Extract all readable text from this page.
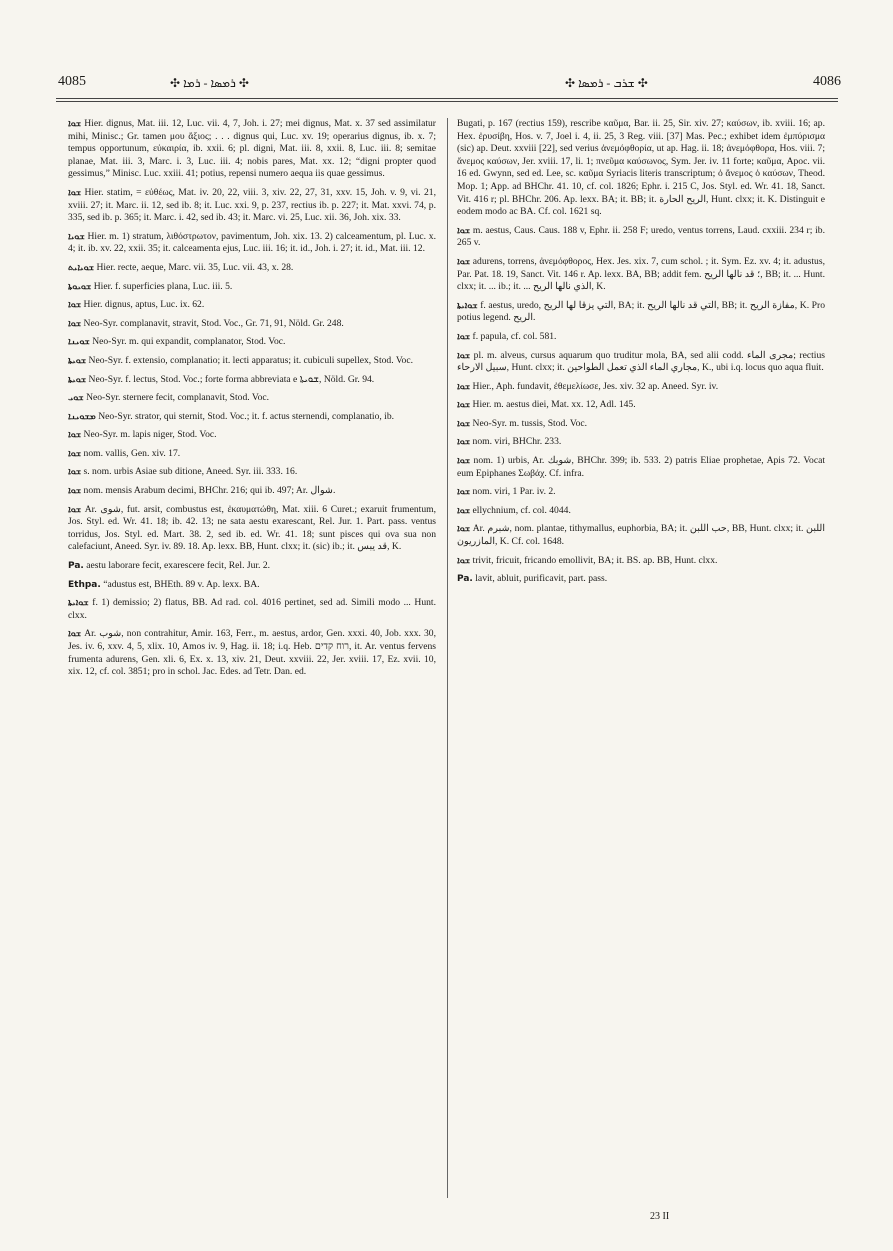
4085	✣ ܪܡܣܐ - ܪܡܐ ✣	✣ ܫܪܒ - ܪܡܣܐ ✣	4086

ܫܘܐ Hier. dignus, Mat. iii. 12, Luc. vii. 4, 7, Joh. i. 27; mei dignus, Mat. x. 37 sed assimilatur mihi, Minisc.; Gr. tamen μου ἄξιος; . . . dignus qui, Luc. xv. 19; operarius dignus, ib. x. 7; tempus opportunum, εὐκαιρία, ib. xxii. 6; pl. digni, Mat. iii. 8, xxii. 8, Luc. iii. 8; semitae planae, Mat. iii. 3, Marc. i. 3, Luc. iii. 4; nobis pares, Mat. xx. 12; “digni propter quod gessimus,” Minisc. Luc. xxiii. 41; potius, repensi numero aequa iis quae gessimus.

ܫܘܐ Hier. statim, = εὐθέως, Mat. iv. 20, 22, viii. 3, xiv. 22, 27, 31, xxv. 15, Joh. v. 9, vi. 21, xviii. 27; it. Marc. ii. 12, sed ib. 8; it. Luc. xxi. 9, p. 237, rectius ib. p. 227; it. Mat. xxvi. 74, p. 335, sed ib. p. 365; it. Marc. i. 42, sed ib. 43; it. Marc. vi. 25, Luc. xii. 36, Joh. xix. 33.

ܫܘܝܐ Hier. m. 1) stratum, λιθόστρωτον, pavimentum, Joh. xix. 13. 2) calceamentum, pl. Luc. x. 4; it. ib. xv. 22, xxii. 35; it. calceamenta ejus, Luc. iii. 16; it. id., Joh. i. 27; it. id., Mat. iii. 12.

ܫܘܝܐܝܬ Hier. recte, aeque, Marc. vii. 35, Luc. vii. 43, x. 28.

ܫܘܝܘܬܐ Hier. f. superficies plana, Luc. iii. 5.

ܫܘܐ Hier. dignus, aptus, Luc. ix. 62.

ܫܘܐ Neo-Syr. complanavit, stravit, Stod. Voc., Gr. 71, 91, Nöld. Gr. 248.

ܫܘܝܢܐ Neo-Syr. m. qui expandit, complanator, Stod. Voc.

ܫܘܝܬܐ Neo-Syr. f. extensio, complanatio; it. lecti apparatus; it. cubiculi supellex, Stod. Voc.

ܫܘܝܬܐ Neo-Syr. f. lectus, Stod. Voc.; forte forma abbreviata e ܫܘܝܬܐ, Nöld. Gr. 94.

ܫܘܝ Neo-Syr. sternere fecit, complanavit, Stod. Voc.

ܡܫܘܝܢܐ Neo-Syr. strator, qui sternit, Stod. Voc.; it. f. actus sternendi, complanatio, ib.

ܫܘܐ Neo-Syr. m. lapis niger, Stod. Voc.

ܫܘܐ nom. vallis, Gen. xiv. 17.

ܫܘܐ s. nom. urbis Asiae sub ditione, Aneed. Syr. iii. 333. 16.

ܫܘܐ nom. mensis Arabum decimi, BHChr. 216; qui ib. 497; Ar. شوال.

ܫܘܐ Ar. شوى, fut. arsit, combustus est, ἐκαυματώθη, Mat. xiii. 6 Curet.; exaruit frumentum, Jos. Styl. ed. Wr. 41. 18; ib. 42. 13; ne sata aestu exarescant, Rel. Jur. 1. Part. pass. ventus torridus, Jos. Styl. ed. Mart. 38. 2, sed ib. ed. Wr. 41. 18; sunt pisces qui ova sua non calefaciunt, Aneed. Syr. iv. 89. 18. Ap. lexx. BB, Hunt. clxx; it. (sic) ib.; it. قد يبس, K.

Pa. aestu laborare fecit, exarescere fecit, Rel. Jur. 2.

Ethpa. “adustus est, BHEth. 89 v. Ap. lexx. BA.

ܫܘܐܝܬܐ f. 1) demissio; 2) flatus, BB. Ad rad. col. 4016 pertinet, sed ad. Simili modo ... Hunt. clxx.

ܫܘܐ Ar. شوب, non contrahitur, Amir. 163, Ferr., m. aestus, ardor, Gen. xxxi. 40, Job. xxx. 30, Jes. iv. 6, xxv. 4, 5, xlix. 10, Amos iv. 9, Hag. ii. 18; i.q. Heb. רוח קדים, it. Ar. ventus fervens frumenta adurens, Gen. xli. 6, Ex. x. 13, xiv. 21, Deut. xxviii. 22, Jer. xviii. 17, Ez. xvii. 10, xix. 12, cf. col. 3851; pro in schol. Jac. Edes. ad Tetr. Dan. ed.

Bugati, p. 167 (rectius 159), rescribe καῦμα, Bar. ii. 25, Sir. xiv. 27; καύσων, ib. xviii. 16; ap. Hex. ἐρυσίβη, Hos. v. 7, Joel i. 4, ii. 25, 3 Reg. viii. [37] Mas. Pec.; exhibet idem ἐμπύρισμα (sic) ap. Deut. xxviii [22], sed verius ἀνεμόφθορία, ut ap. Hag. ii. 18; ἀνεμόφθορα, Hos. viii. 7; ἄνεμος καύσων, Jer. xviii. 17, li. 1; πνεῦμα καύσωνος, Sym. Jer. iv. 11 forte; καῦμα, Apoc. vii. 16 ed. Gwynn, sed ed. Lee, sc. καῦμα Syriacis literis transcriptum; ὁ ἄνεμος ὁ καύσων, Theod. Mop. 1; App. ad BHChr. 41. 10, cf. col. 1826; Ephr. i. 215 C, Jos. Styl. ed. Wr. 41. 18, Sanct. Vit. 416 r; pl. BHChr. 206. Ap. lexx. BA; it. BB; it. الريح الحارة, Hunt. clxx; it. K. Distinguit e eodem modo ac BA. Cf. col. 1621 sq.

ܫܘܐ m. aestus, Caus. Caus. 188 v, Ephr. ii. 258 F; uredo, ventus torrens, Laud. cxxiii. 234 r; ib. 265 v.

ܫܘܐ adurens, torrens, ἀνεμόφθορος, Hex. Jes. xix. 7, cum schol. ; it. Sym. Ez. xv. 4; it. adustus, Par. Pat. 18. 19, Sanct. Vit. 146 r. Ap. lexx. BA, BB; addit fem. ؛ قد نالها الريح, BB; it. ... Hunt. clxx; it. ... ib.; it. ... الذي نالها الريح, K.

ܫܘܐܝܬܐ f. aestus, uredo, التي يزقا لها الريح, BA; it. التي قد نالها الريح, BB; it. مفازة الريح, K. Pro potius legend. الريح.

ܫܘܐ f. papula, cf. col. 581.

ܫܘܐ pl. m. alveus, cursus aquarum quo truditur mola, BA, sed alii codd. مجرى الماء; rectius سبيل الارحاء, Hunt. clxx; it. مجاري الماء الذي تعمل الطواحين, K., ubi i.q. locus quo aqua fluit.

ܫܘܐ Hier., Aph. fundavit, ἐθεμελίωσε, Jes. xiv. 32 ap. Aneed. Syr. iv.

ܫܘܐ Hier. m. aestus diei, Mat. xx. 12, Adl. 145.

ܫܘܐ Neo-Syr. m. tussis, Stod. Voc.

ܫܘܐ nom. viri, BHChr. 233.

ܫܘܐ nom. 1) urbis, Ar. شوبك, BHChr. 399; ib. 533. 2) patris Eliae prophetae, Apis 72. Vocat eum Epiphanes Σωβάχ. Cf. infra.

ܫܘܐ nom. viri, 1 Par. iv. 2.

ܫܘܐ ellychnium, cf. col. 4044.

ܫܘܐ Ar. شبرم, nom. plantae, tithymallus, euphorbia, BA; it. حب اللبن, BB, Hunt. clxx; it. اللبن المازريون, K. Cf. col. 1648.

ܫܘܐ trivit, fricuit, fricando emollivit, BA; it. BS. ap. BB, Hunt. clxx.

Pa. lavit, abluit, purificavit, part. pass.

23 II
